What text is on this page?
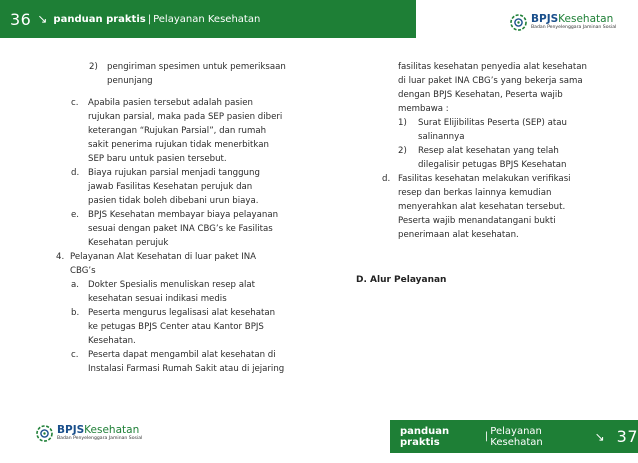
36 ↘ panduan praktis | Pelayanan Kesehatan	BPJSKesehatan
Badan Penyelenggara Jaminan Sosial
2)	pengiriman spesimen untuk pemeriksaan

penunjang

c. Apabila pasien tersebut adalah pasien

rujukan parsial, maka pada SEP pasien diberi

keterangan “Rujukan Parsial”, dan rumah

sakit penerima rujukan tidak menerbitkan

SEP baru untuk pasien tersebut.

d. Biaya rujukan parsial menjadi tanggung

jawab Fasilitas Kesehatan perujuk dan

pasien tidak boleh dibebani urun biaya.

e. BPJS Kesehatan membayar biaya pelayanan

sesuai dengan paket INA CBG’s ke Fasilitas

Kesehatan perujuk

4. Pelayanan Alat Kesehatan di luar paket INA

CBG’s

a. Dokter Spesialis menuliskan resep alat

kesehatan sesuai indikasi medis

b. Peserta mengurus legalisasi alat kesehatan

ke petugas BPJS Center atau Kantor BPJS

Kesehatan.

c. Peserta dapat mengambil alat kesehatan di

Instalasi Farmasi Rumah Sakit atau di jejaring

fasilitas kesehatan penyedia alat kesehatan

di luar paket INA CBG’s yang bekerja sama

dengan BPJS Kesehatan, Peserta wajib

membawa :

1) Surat Elijibilitas Peserta (SEP) atau

salinannya

2) Resep alat kesehatan yang telah

dilegalisir petugas BPJS Kesehatan

d. Fasilitas kesehatan melakukan verifikasi

resep dan berkas lainnya kemudian

menyerahkan alat kesehatan tersebut.

Peserta wajib menandatangani bukti

penerimaan alat kesehatan.

D. Alur Pelayanan
BPJSKesehatan
Badan Penyelenggara Jaminan Sosial
panduan praktis	| Pelayanan Kesehatan	↘ 37
